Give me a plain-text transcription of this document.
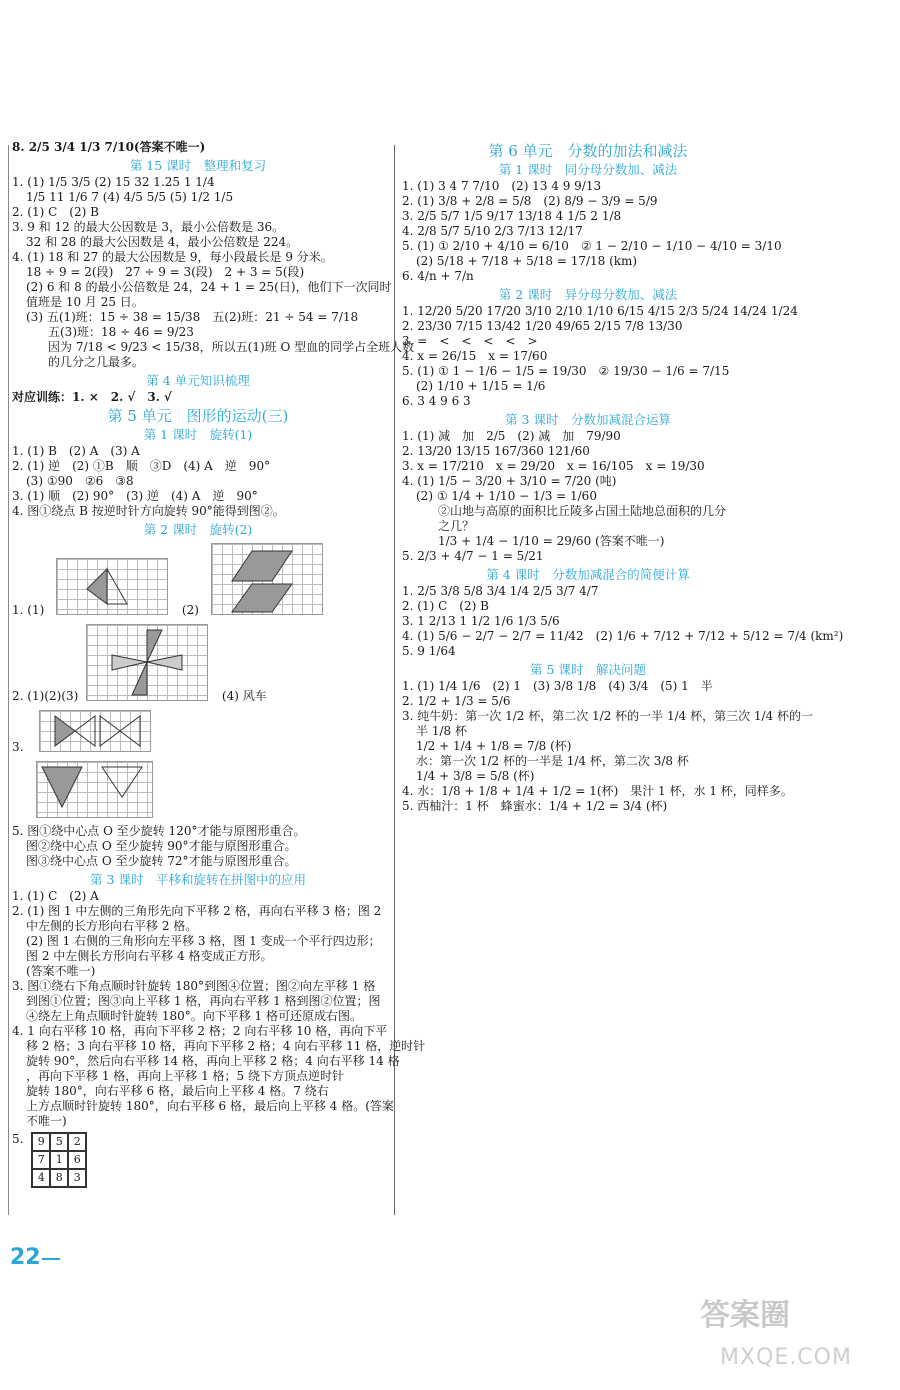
8. 2/5 3/4 1/3 7/10(答案不唯一)

第 15 课时　整理和复习

1. (1) 1/5 3/5 (2) 15 32 1.25 1 1/4

1/5 11 1/6 7 (4) 4/5 5/5 (5) 1/2 1/5

2. (1) C　(2) B

3. 9 和 12 的最大公因数是 3，最小公倍数是 36。

32 和 28 的最大公因数是 4，最小公倍数是 224。

4. (1) 18 和 27 的最大公因数是 9，每小段最长是 9 分米。

18 ÷ 9 = 2(段)　27 ÷ 9 = 3(段)　2 + 3 = 5(段)

(2) 6 和 8 的最小公倍数是 24，24 + 1 = 25(日)，他们下一次同时

值班是 10 月 25 日。

(3) 五(1)班：15 ÷ 38 = 15/38　五(2)班：21 ÷ 54 = 7/18

五(3)班：18 ÷ 46 = 9/23

因为 7/18 < 9/23 < 15/38，所以五(1)班 O 型血的同学占全班人数

的几分之几最多。

第 4 单元知识梳理

对应训练：1. ×　2. √　3. √

第 5 单元　图形的运动(三)

第 1 课时　旋转(1)

1. (1) B　(2) A　(3) A

2. (1) 逆　(2) ①B　顺　③D　(4) A　逆　90°

(3) ①90　②6　③8

3. (1) 顺　(2) 90°　(3) 逆　(4) A　逆　90°

4. 图①绕点 B 按逆时针方向旋转 90°能得到图②。

第 2 课时　旋转(2)

1. (1)	(2)
2. (1)(2)(3)	(4) 风车
3.

5. 图①绕中心点 O 至少旋转 120°才能与原图形重合。

图②绕中心点 O 至少旋转 90°才能与原图形重合。

图③绕中心点 O 至少旋转 72°才能与原图形重合。

第 3 课时　平移和旋转在拼图中的应用

1. (1) C　(2) A

2. (1) 图 1 中左侧的三角形先向下平移 2 格，再向右平移 3 格；图 2

中左侧的长方形向右平移 2 格。

(2) 图 1 右侧的三角形向左平移 3 格，图 1 变成一个平行四边形；

图 2 中左侧长方形向右平移 4 格变成正方形。

(答案不唯一)

3. 图①绕右下角点顺时针旋转 180°到图④位置；图②向左平移 1 格

到图①位置；图③向上平移 1 格，再向右平移 1 格到图②位置；图

④绕左上角点顺时针旋转 180°。向下平移 1 格可还原成右图。

4. 1 向右平移 10 格，再向下平移 2 格；2 向右平移 10 格，再向下平

移 2 格；3 向右平移 10 格，再向下平移 2 格；4 向右平移 11 格，逆时针

旋转 90°，然后向右平移 14 格，再向上平移 2 格；4 向右平移 14 格

，再向下平移 1 格，再向上平移 1 格；5 绕下方顶点逆时针

旋转 180°，向右平移 6 格，最后向上平移 4 格。7 绕右

上方点顺时针旋转 180°，向右平移 6 格，最后向上平移 4 格。(答案

不唯一)

5.	9	5	2
7	1	6
4	8	3

第 6 单元　分数的加法和减法

第 1 课时　同分母分数加、减法

1. (1) 3 4 7 7/10　(2) 13 4 9 9/13

2. (1) 3/8 + 2/8 = 5/8　(2) 8/9 − 3/9 = 5/9

3. 2/5 5/7 1/5 9/17 13/18 4 1/5 2 1/8

4. 2/8 5/7 5/10 2/3 7/13 12/17

5. (1) ① 2/10 + 4/10 = 6/10　② 1 − 2/10 − 1/10 − 4/10 = 3/10

(2) 5/18 + 7/18 + 5/18 = 17/18 (km)

6. 4/n + 7/n

第 2 课时　异分母分数加、减法

1. 12/20 5/20 17/20 3/10 2/10 1/10 6/15 4/15 2/3 5/24 14/24 1/24

2. 23/30 7/15 13/42 1/20 49/65 2/15 7/8 13/30

3. =　<　<　<　<　>

4. x = 26/15　x = 17/60

5. (1) ① 1 − 1/6 − 1/5 = 19/30　② 19/30 − 1/6 = 7/15

(2) 1/10 + 1/15 = 1/6

6. 3 4 9 6 3

第 3 课时　分数加减混合运算

1. (1) 减　加　2/5　(2) 减　加　79/90

2. 13/20 13/15 167/360 121/60

3. x = 17/210　x = 29/20　x = 16/105　x = 19/30

4. (1) 1/5 − 3/20 + 3/10 = 7/20 (吨)

(2) ① 1/4 + 1/10 − 1/3 = 1/60

②山地与高原的面积比丘陵多占国土陆地总面积的几分

之几？

1/3 + 1/4 − 1/10 = 29/60 (答案不唯一)

5. 2/3 + 4/7 − 1 = 5/21

第 4 课时　分数加减混合的简便计算

1. 2/5 3/8 5/8 3/4 1/4 2/5 3/7 4/7

2. (1) C　(2) B

3. 1 2/13 1 1/2 1/6 1/3 5/6

4. (1) 5/6 − 2/7 − 2/7 = 11/42　(2) 1/6 + 7/12 + 7/12 + 5/12 = 7/4 (km²)

5. 9 1/64

第 5 课时　解决问题

1. (1) 1/4 1/6　(2) 1　(3) 3/8 1/8　(4) 3/4　(5) 1　半

2. 1/2 + 1/3 = 5/6

3. 纯牛奶：第一次 1/2 杯，第二次 1/2 杯的一半 1/4 杯，第三次 1/4 杯的一

半 1/8 杯

1/2 + 1/4 + 1/8 = 7/8 (杯)

水：第一次 1/2 杯的一半是 1/4 杯，第二次 3/8 杯

1/4 + 3/8 = 5/8 (杯)

4. 水：1/8 + 1/8 + 1/4 + 1/2 = 1(杯)　果汁 1 杯，水 1 杯，同样多。

5. 西柚汁：1 杯　蜂蜜水：1/4 + 1/2 = 3/4 (杯)

22
答案圈
MXQE.COM
